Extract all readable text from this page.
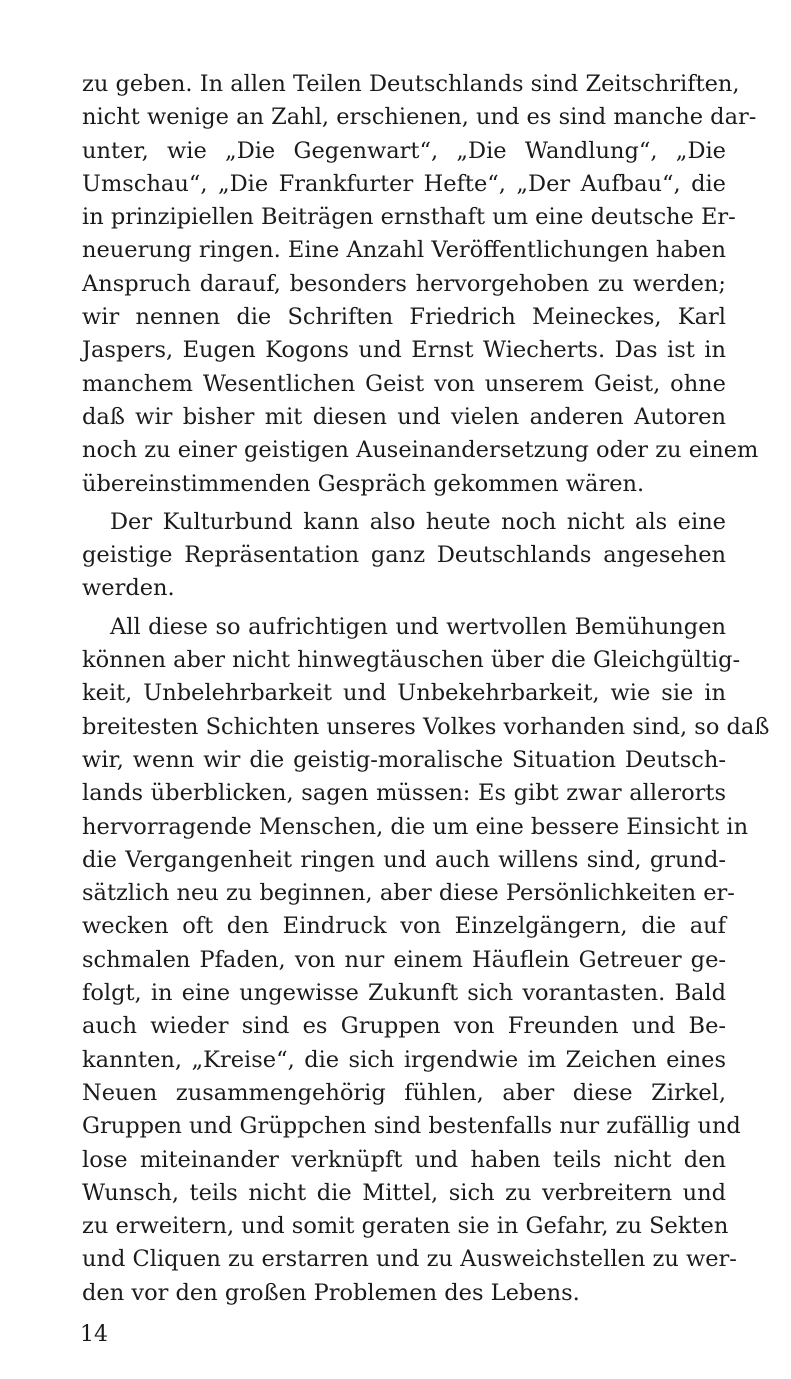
zu geben. In allen Teilen Deutschlands sind Zeitschriften,
nicht wenige an Zahl, erschienen, und es sind manche dar-
unter, wie „Die Gegenwart“, „Die Wandlung“, „Die
Umschau“, „Die Frankfurter Hefte“, „Der Aufbau“, die
in prinzipiellen Beiträgen ernsthaft um eine deutsche Er-
neuerung ringen. Eine Anzahl Veröffentlichungen haben
Anspruch darauf, besonders hervorgehoben zu werden;
wir nennen die Schriften Friedrich Meineckes, Karl
Jaspers, Eugen Kogons und Ernst Wiecherts. Das ist in
manchem Wesentlichen Geist von unserem Geist, ohne
daß wir bisher mit diesen und vielen anderen Autoren
noch zu einer geistigen Auseinandersetzung oder zu einem
übereinstimmenden Gespräch gekommen wären.
Der Kulturbund kann also heute noch nicht als eine
geistige Repräsentation ganz Deutschlands angesehen
werden.
All diese so aufrichtigen und wertvollen Bemühungen
können aber nicht hinwegtäuschen über die Gleichgültig-
keit, Unbelehrbarkeit und Unbekehrbarkeit, wie sie in
breitesten Schichten unseres Volkes vorhanden sind, so daß
wir, wenn wir die geistig-moralische Situation Deutsch-
lands überblicken, sagen müssen: Es gibt zwar allerorts
hervorragende Menschen, die um eine bessere Einsicht in
die Vergangenheit ringen und auch willens sind, grund-
sätzlich neu zu beginnen, aber diese Persönlichkeiten er-
wecken oft den Eindruck von Einzelgängern, die auf
schmalen Pfaden, von nur einem Häuflein Getreuer ge-
folgt, in eine ungewisse Zukunft sich vorantasten. Bald
auch wieder sind es Gruppen von Freunden und Be-
kannten, „Kreise“, die sich irgendwie im Zeichen eines
Neuen zusammengehörig fühlen, aber diese Zirkel,
Gruppen und Grüppchen sind bestenfalls nur zufällig und
lose miteinander verknüpft und haben teils nicht den
Wunsch, teils nicht die Mittel, sich zu verbreitern und
zu erweitern, und somit geraten sie in Gefahr, zu Sekten
und Cliquen zu erstarren und zu Ausweichstellen zu wer-
den vor den großen Problemen des Lebens.
14
